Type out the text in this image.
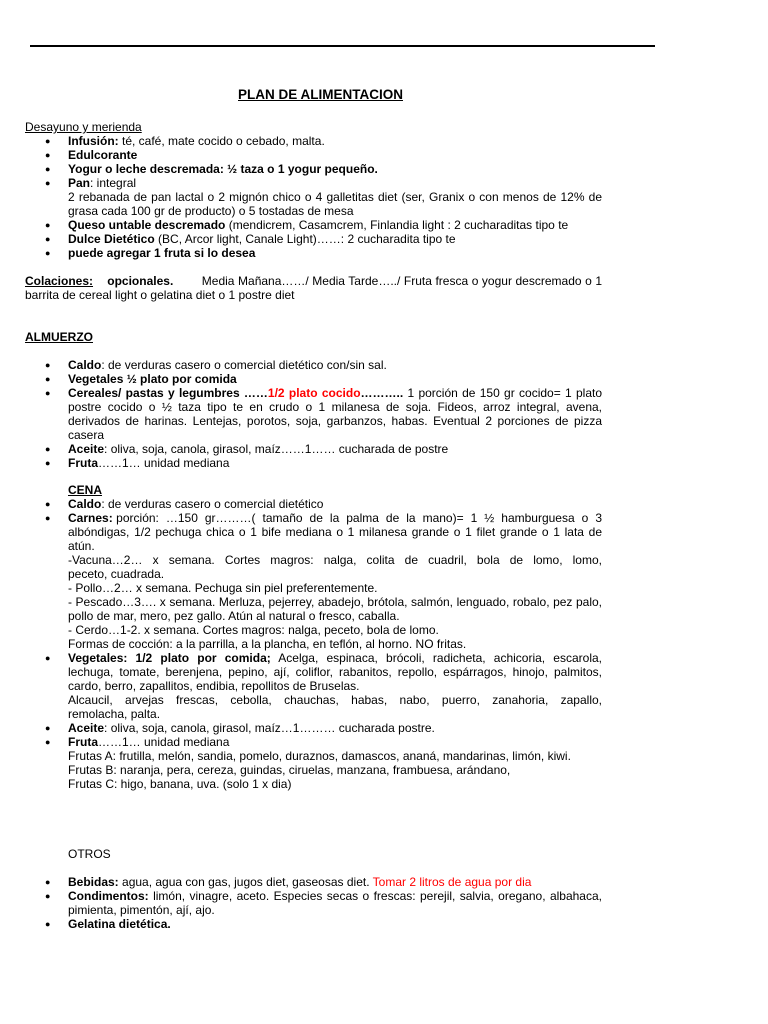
PLAN DE ALIMENTACION
Desayuno y merienda
● Infusión: té, café, mate cocido o cebado, malta.
● Edulcorante
● Yogur o leche descremada: ½ taza o 1 yogur pequeño.
● Pan: integral
2 rebanada de pan lactal o 2 mignón chico o 4 galletitas diet (ser, Granix o con menos de 12% de grasa cada 100 gr de producto) o 5 tostadas de mesa
● Queso untable descremado (mendicrem, Casamcrem, Finlandia light : 2 cucharaditas tipo te
● Dulce Dietético (BC, Arcor light, Canale Light)……: 2 cucharadita tipo te
● puede agregar 1 fruta si lo desea
Colaciones: opcionales.        Media Mañana……/ Media Tarde…../ Fruta fresca o yogur descremado o 1 barrita de cereal light o gelatina diet o 1 postre diet
ALMUERZO
● Caldo: de verduras casero o comercial dietético con/sin sal.
● Vegetales ½ plato por comida
● Cereales/ pastas y legumbres ……1/2 plato cocido……….. 1 porción de 150 gr cocido= 1 plato postre cocido o ½ taza tipo te en crudo o 1 milanesa de soja. Fideos, arroz integral, avena, derivados de harinas. Lentejas, porotos, soja, garbanzos, habas. Eventual 2 porciones de pizza casera
● Aceite: oliva, soja, canola, girasol, maíz……1…… cucharada de postre
● Fruta……1… unidad mediana
CENA
● Caldo: de verduras casero o comercial dietético
● Carnes: porción:  …150  gr………(  tamaño  de  la  palma  de  la  mano)=  1  ½  hamburguesa  o  3 albóndigas, 1/2 pechuga chica o 1 bife mediana o 1 milanesa grande o 1 filet grande o 1 lata de atún.
-Vacuna…2…  x  semana.  Cortes  magros:  nalga,  colita  de  cuadril,  bola  de  lomo,  lomo,  peceto, cuadrada.
- Pollo…2… x semana. Pechuga sin piel preferentemente.
- Pescado…3…. x semana. Merluza, pejerrey, abadejo, brótola, salmón, lenguado, robalo, pez palo, pollo de mar, mero, pez gallo. Atún al natural o fresco, caballa.
- Cerdo…1-2. x semana. Cortes magros: nalga, peceto, bola de lomo.
Formas de cocción: a la parrilla, a la plancha, en teflón, al horno. NO fritas.
● Vegetales: 1/2 plato por comida; Acelga, espinaca, brócoli, radicheta, achicoria, escarola, lechuga, tomate, berenjena, pepino, ají, coliflor, rabanitos, repollo, espárragos, hinojo, palmitos, cardo, berro, zapallitos, endibia, repollitos de Bruselas.
Alcaucil,  arvejas  frescas,  cebolla,  chauchas,  habas,  nabo,  puerro,  zanahoria,  zapallo,  remolacha, palta.
● Aceite: oliva, soja, canola, girasol, maíz…1……… cucharada postre.
● Fruta……1… unidad mediana
Frutas A: frutilla, melón, sandia, pomelo, duraznos, damascos, ananá, mandarinas, limón, kiwi.
Frutas B: naranja, pera, cereza, guindas, ciruelas, manzana, frambuesa, arándano,
Frutas C: higo, banana, uva. (solo 1 x dia)
OTROS
● Bebidas: agua, agua con gas, jugos diet, gaseosas diet. Tomar 2 litros de agua por dia
● Condimentos: limón, vinagre, aceto. Especies secas o frescas: perejil, salvia, oregano, albahaca, pimienta, pimentón, ají, ajo.
● Gelatina dietética.
